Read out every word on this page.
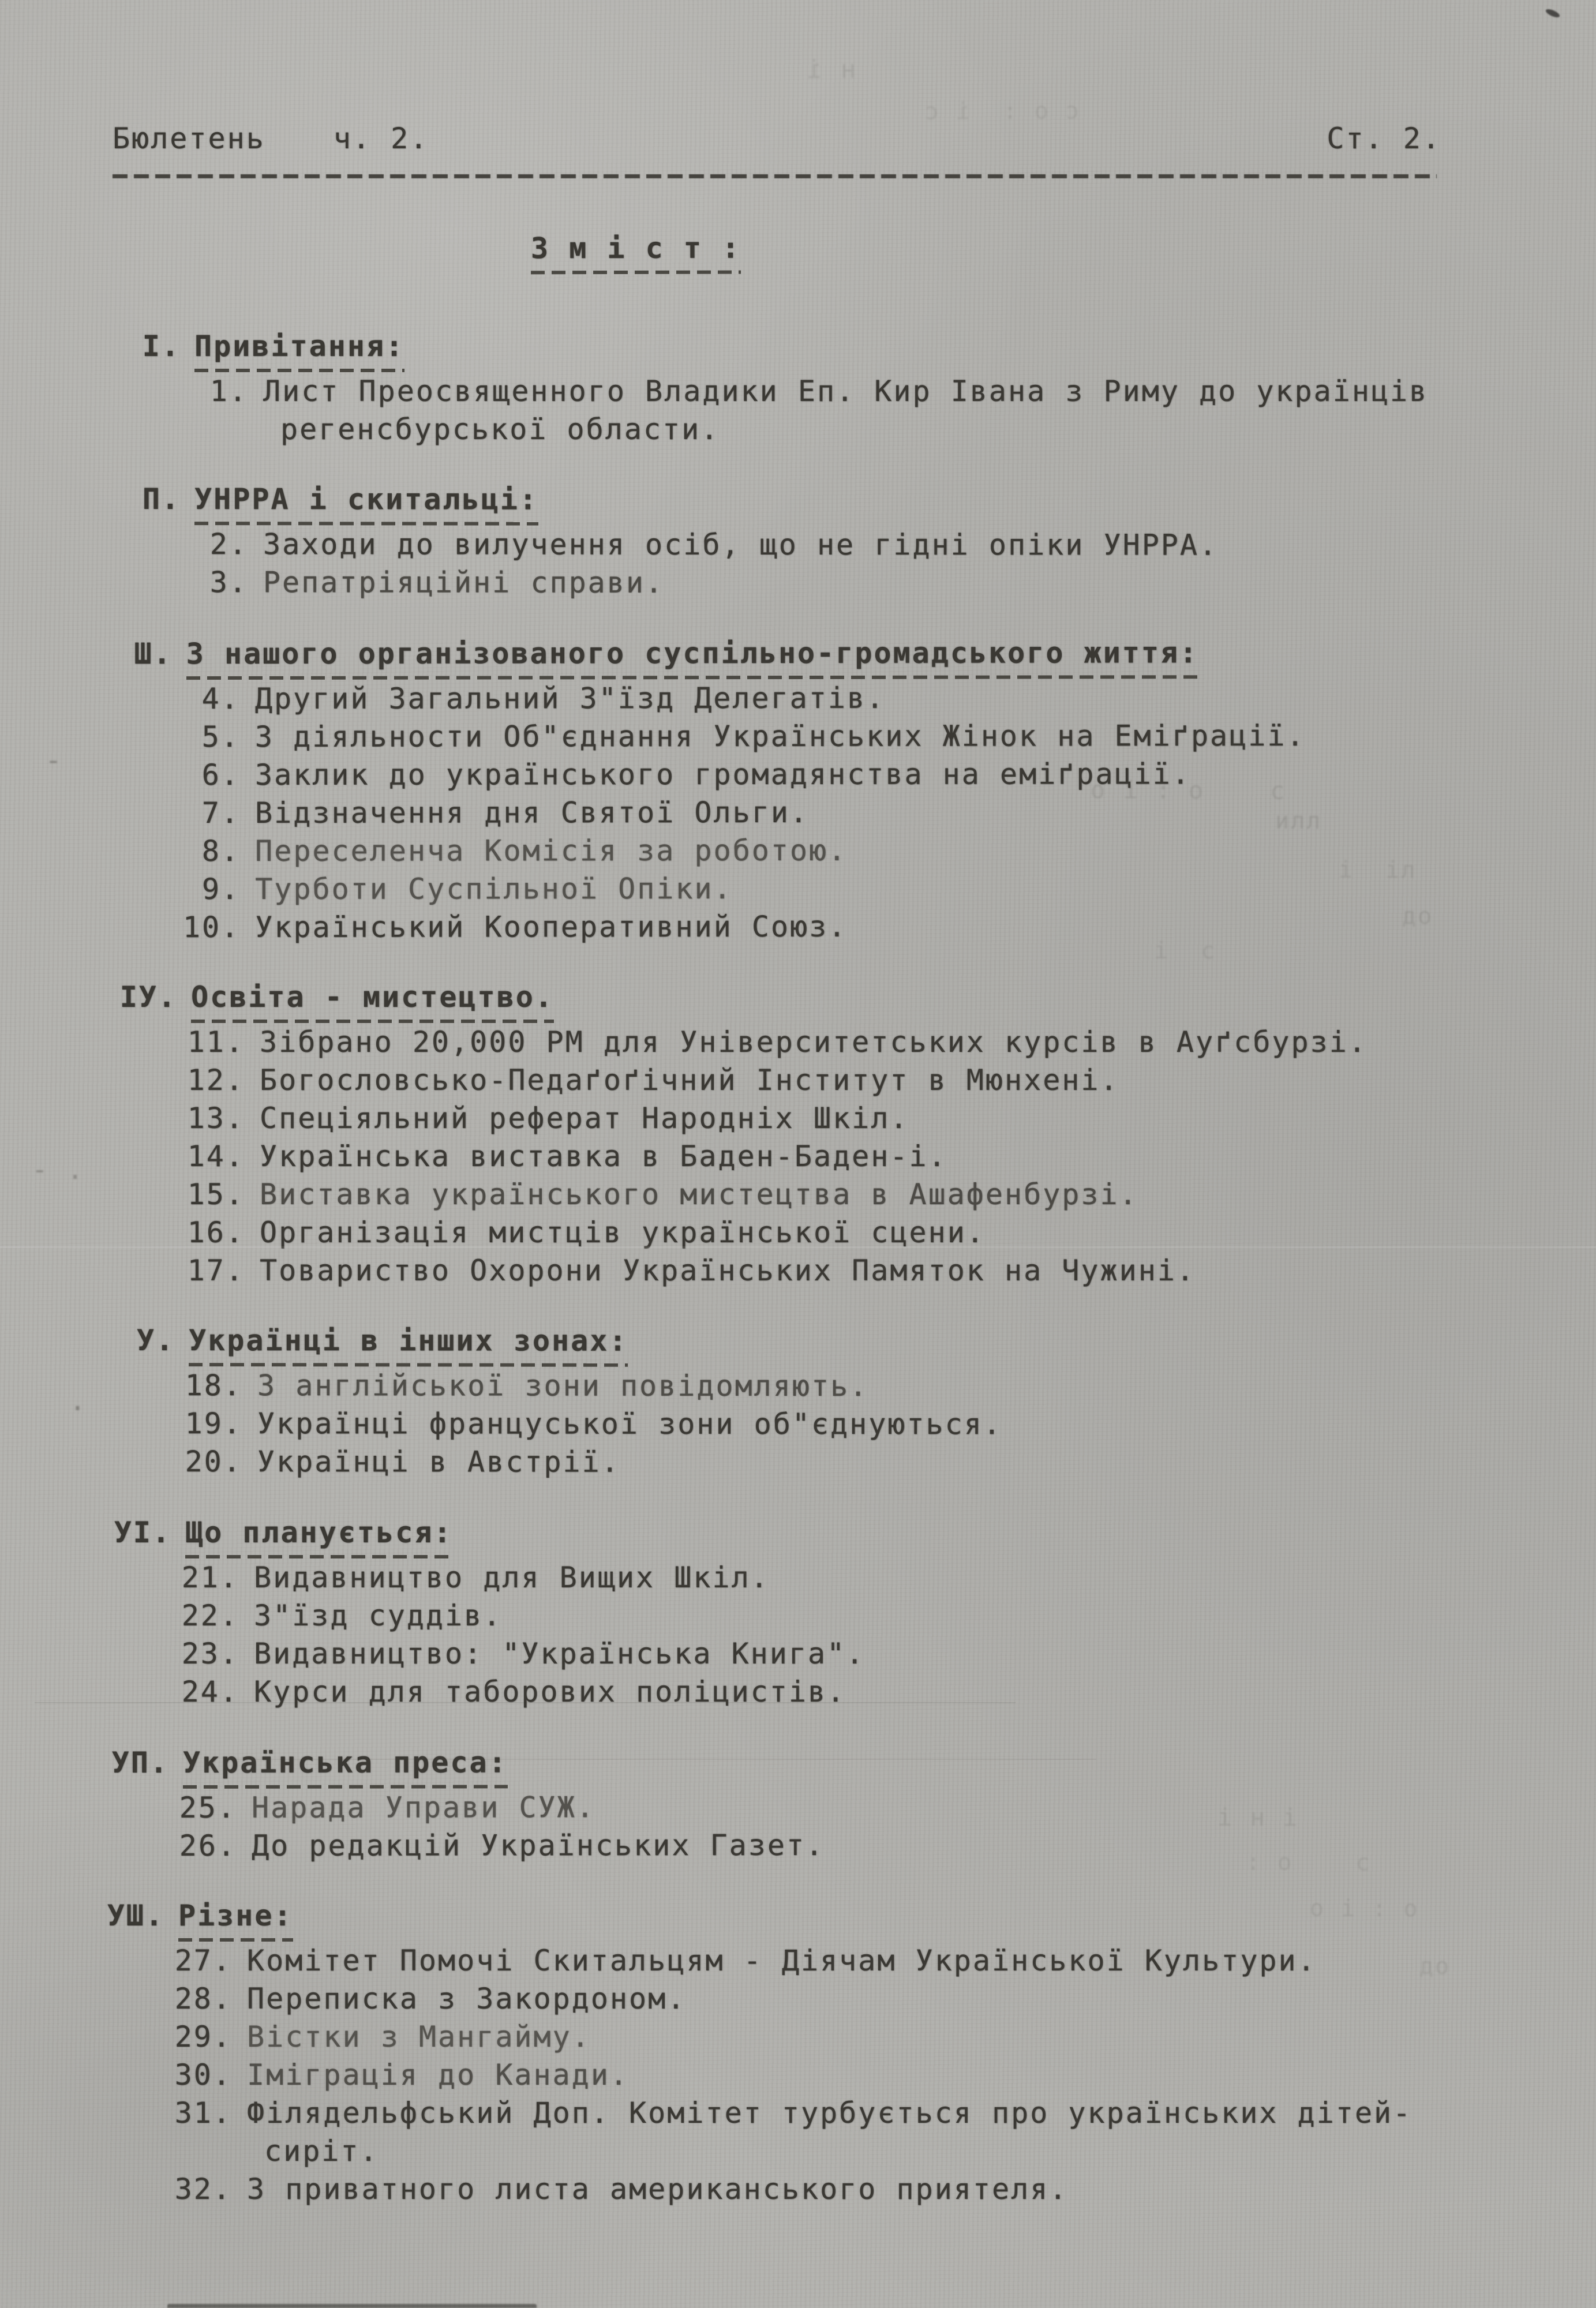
Бюлетень ч. 2.	Ст. 2.
З м і с т :
І. Привітання:
1. Лист Преосвященного Владики Еп. Кир Івана з Риму до українців регенсбурської области.
П. УНРРА і скитальці:
2. Заходи до вилучення осіб, що не гідні опіки УНРРА.
3. Репатріяційні справи.
Ш. З нашого організованого суспільно-громадського життя:
4. Другий Загальний З"їзд Делегатів.
5. З діяльности Об"єднання Українських Жінок на Еміґрації.
6. Заклик до українського громадянства на еміґрації.
7. Відзначення дня Святої Ольги.
8. Переселенча Комісія за роботою.
9. Турботи Суспільної Опіки.
10. Український Кооперативний Союз.
ІУ. Освіта - мистецтво.
11. Зібрано 20,000 РМ для Університетських курсів в Ауґсбурзі.
12. Богословсько-Педаґоґічний Інститут в Мюнхені.
13. Спеціяльний реферат Народніх Шкіл.
14. Українська виставка в Баден-Баден-і.
15. Виставка українського мистецтва в Ашафенбурзі.
16. Організація мистців української сцени.
17. Товариство Охорони Українських Памяток на Чужині.
У. Українці в інших зонах:
18. З англійської зони повідомляють.
19. Українці француської зони об"єднуються.
20. Українці в Австрії.
УІ. Що планується:
21. Видавництво для Вищих Шкіл.
22. З"їзд суддів.
23. Видавництво: "Українська Книга".
24. Курси для таборових поліцистів.
УП. Українська преса:
25. Нарада Управи СУЖ.
26. До редакцій Українських Газет.
УШ. Різне:
27. Комітет Помочі Скитальцям - Діячам Української Культури.
28. Переписка з Закордоном.
29. Вістки з Мангайму.
30. Іміграція до Канади.
31. Філядельфський Доп. Комітет турбується про українських дітей-сиріт.
32. З приватного листа американського приятеля.
н і
с о :  і с
о і : о    с
илл
і  іл
до
і  с
і н і
: о    с
о і : о
до
-
- .
.
